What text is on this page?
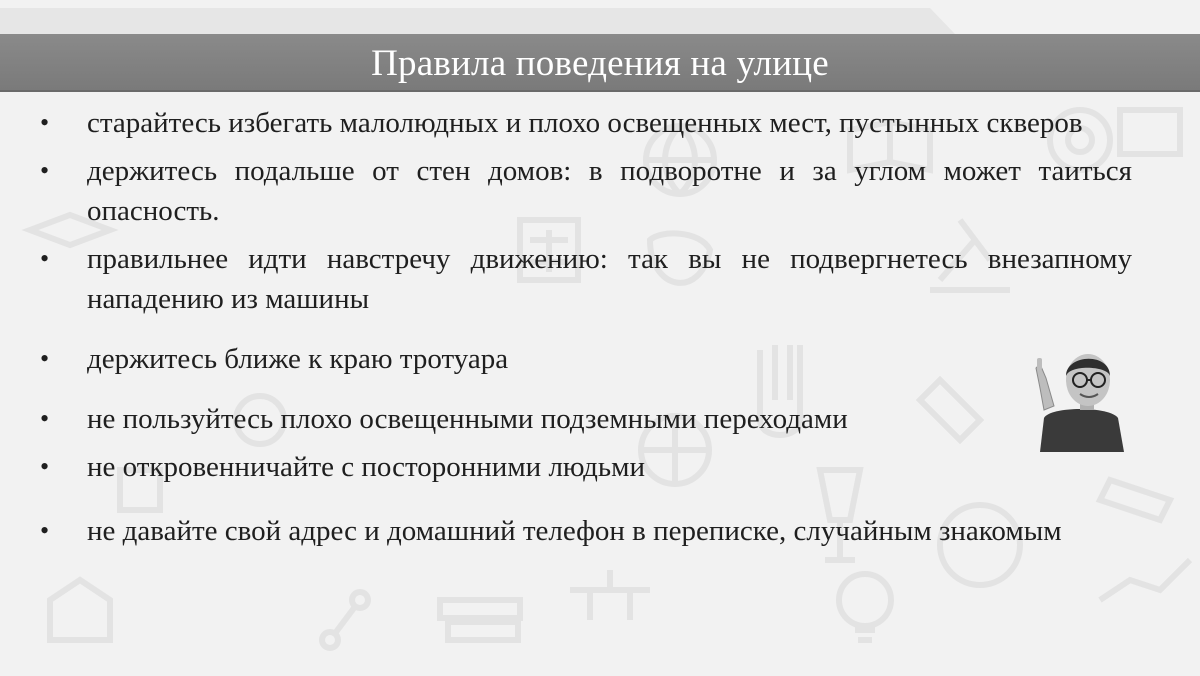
Правила поведения на улице
•	старайтесь избегать малолюдных и плохо освещенных мест, пустынных скверов
•	держитесь подальше от стен домов: в подворотне и за углом может таиться опасность.
•	правильнее идти навстречу движению: так вы не подвергнетесь внезапному нападению из машины
•	держитесь ближе к краю тротуара
•	не пользуйтесь плохо освещенными подземными переходами
•	не откровенничайте с посторонними людьми
•	не давайте свой адрес и домашний телефон в переписке, случайным знакомым
